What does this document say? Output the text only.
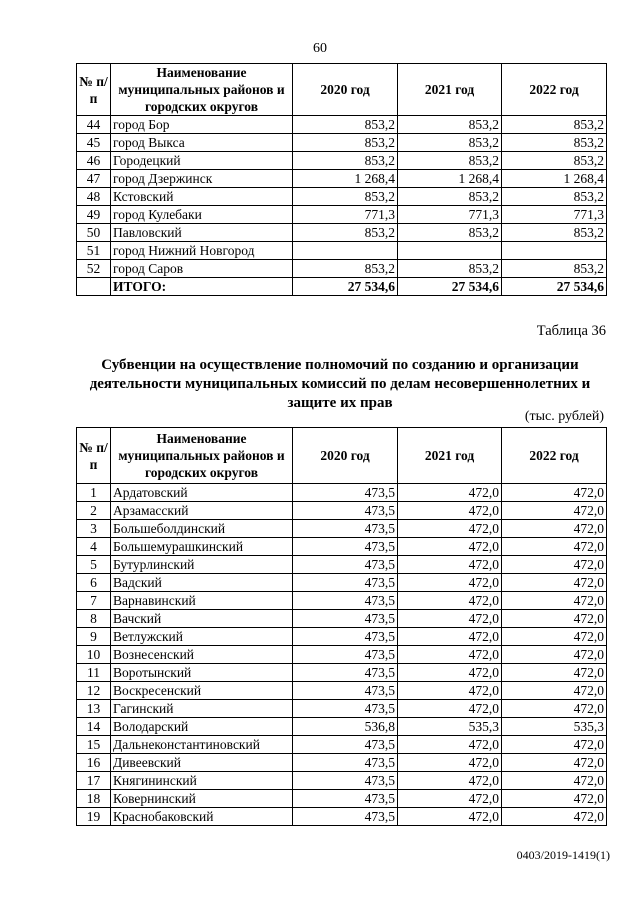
60
№ п/п	Наименование муниципальных районов и городских округов	2020 год	2021 год	2022 год
44	город Бор	853,2	853,2	853,2
45	город Выкса	853,2	853,2	853,2
46	Городецкий	853,2	853,2	853,2
47	город Дзержинск	1 268,4	1 268,4	1 268,4
48	Кстовский	853,2	853,2	853,2
49	город Кулебаки	771,3	771,3	771,3
50	Павловский	853,2	853,2	853,2
51	город Нижний Новгород			
52	город Саров	853,2	853,2	853,2
	ИТОГО:	27 534,6	27 534,6	27 534,6
Таблица 36
Субвенции на осуществление полномочий по созданию и организации деятельности муниципальных комиссий по делам несовершеннолетних и защите их прав
(тыс. рублей)
№ п/п	Наименование муниципальных районов и городских округов	2020 год	2021 год	2022 год
1	Ардатовский	473,5	472,0	472,0
2	Арзамасский	473,5	472,0	472,0
3	Большеболдинский	473,5	472,0	472,0
4	Большемурашкинский	473,5	472,0	472,0
5	Бутурлинский	473,5	472,0	472,0
6	Вадский	473,5	472,0	472,0
7	Варнавинский	473,5	472,0	472,0
8	Вачский	473,5	472,0	472,0
9	Ветлужский	473,5	472,0	472,0
10	Вознесенский	473,5	472,0	472,0
11	Воротынский	473,5	472,0	472,0
12	Воскресенский	473,5	472,0	472,0
13	Гагинский	473,5	472,0	472,0
14	Володарский	536,8	535,3	535,3
15	Дальнеконстантиновский	473,5	472,0	472,0
16	Дивеевский	473,5	472,0	472,0
17	Княгининский	473,5	472,0	472,0
18	Ковернинский	473,5	472,0	472,0
19	Краснобаковский	473,5	472,0	472,0
0403/2019-1419(1)
